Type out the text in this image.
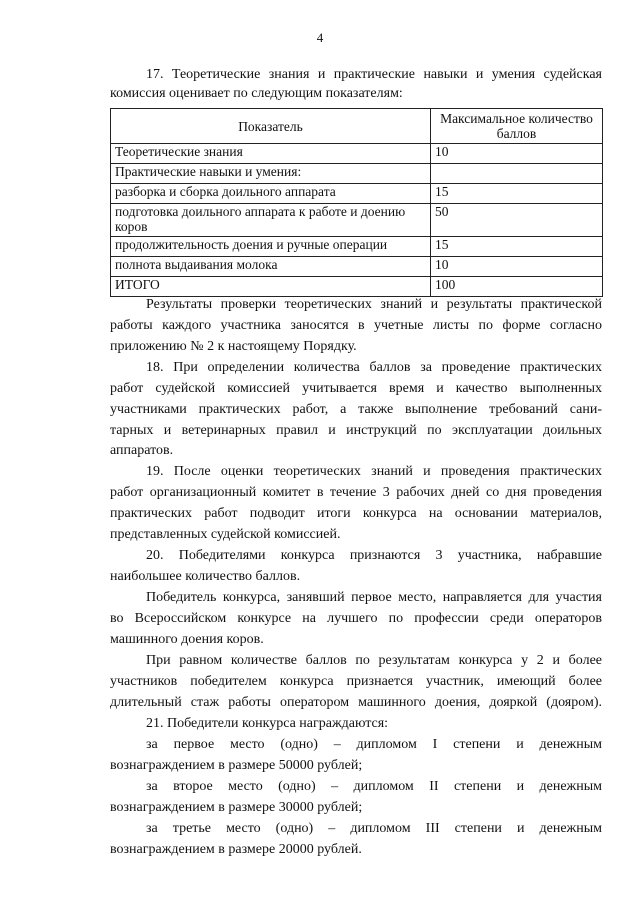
4
17. Теоретические знания и практические навыки и умения судейская
комиссия оценивает по следующим показателям:
Показатель	Максимальное количество баллов
Теоретические знания	10
Практические навыки и умения:	
разборка и сборка доильного аппарата	15
подготовка доильного аппарата к работе и доению коров	50
продолжительность доения и ручные операции	15
полнота выдаивания молока	10
ИТОГО	100
Результаты проверки теоретических знаний и результаты практической
работы каждого участника заносятся в учетные листы по форме согласно
приложению № 2 к настоящему Порядку.
18. При определении количества баллов за проведение практических
работ судейской комиссией учитывается время и качество выполненных
участниками практических работ, а также выполнение требований сани-
тарных и ветеринарных правил и инструкций по эксплуатации доильных
аппаратов.
19. После оценки теоретических знаний и проведения практических
работ организационный комитет в течение 3 рабочих дней со дня проведения
практических работ подводит итоги конкурса на основании материалов,
представленных судейской комиссией.
20. Победителями конкурса признаются 3 участника, набравшие
наибольшее количество баллов.
Победитель конкурса, занявший первое место, направляется для участия
во Всероссийском конкурсе на лучшего по профессии среди операторов
машинного доения коров.
При равном количестве баллов по результатам конкурса у 2 и более
участников победителем конкурса признается участник, имеющий более
длительный стаж работы оператором машинного доения, дояркой (дояром).
21. Победители конкурса награждаются:
за первое место (одно) – дипломом I степени и денежным
вознаграждением в размере 50000 рублей;
за второе место (одно) – дипломом II степени и денежным
вознаграждением в размере 30000 рублей;
за третье место (одно) – дипломом III степени и денежным
вознаграждением в размере 20000 рублей.
